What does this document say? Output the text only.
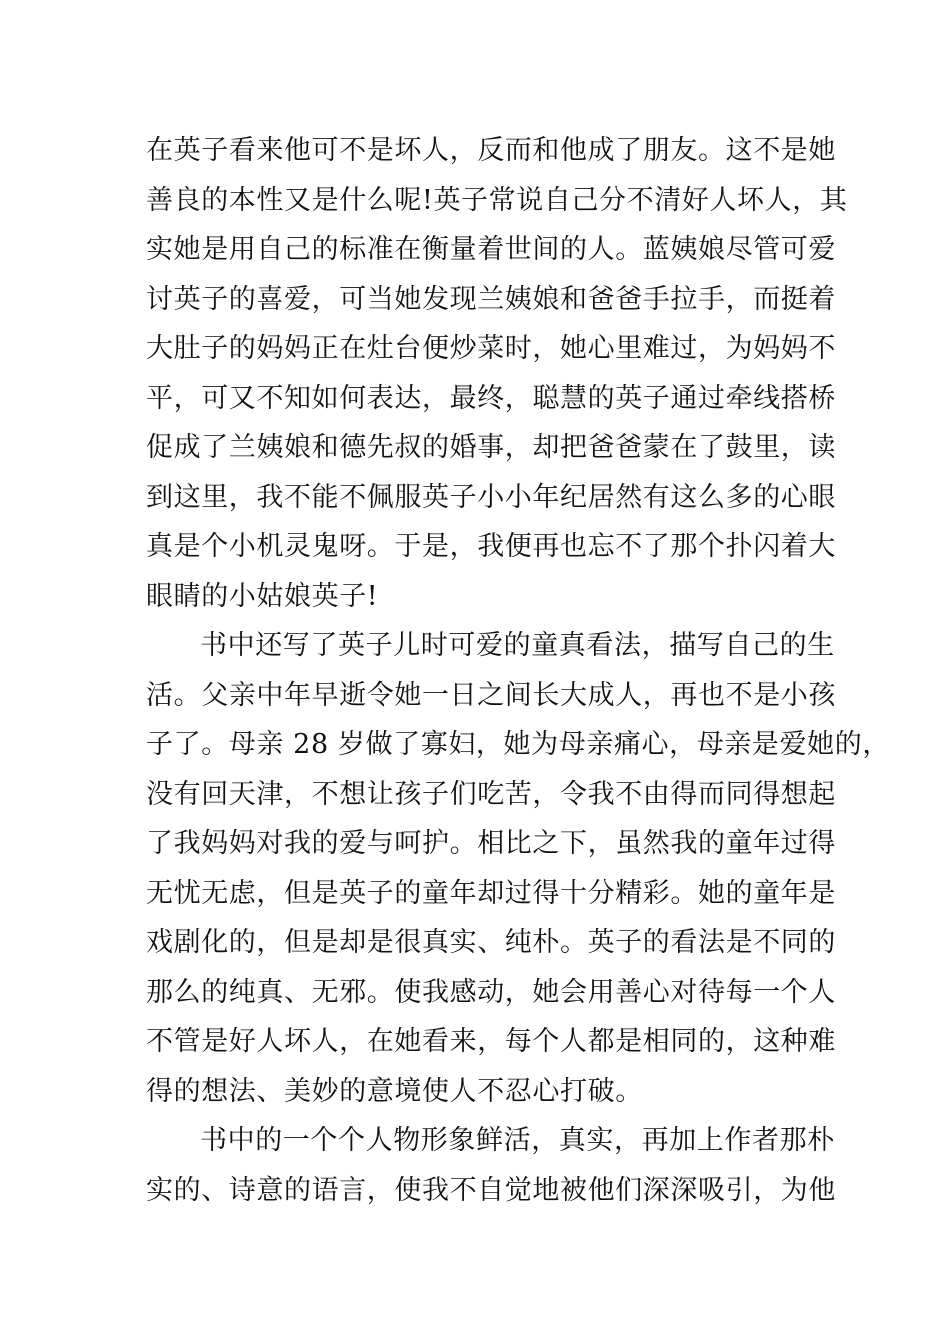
在英子看来他可不是坏人，反而和他成了朋友。这不是她
善良的本性又是什么呢!英子常说自己分不清好人坏人，其
实她是用自己的标准在衡量着世间的人。蓝姨娘尽管可爱
讨英子的喜爱，可当她发现兰姨娘和爸爸手拉手，而挺着
大肚子的妈妈正在灶台便炒菜时，她心里难过，为妈妈不
平，可又不知如何表达，最终，聪慧的英子通过牵线搭桥
促成了兰姨娘和德先叔的婚事，却把爸爸蒙在了鼓里，读
到这里，我不能不佩服英子小小年纪居然有这么多的心眼
真是个小机灵鬼呀。于是，我便再也忘不了那个扑闪着大
眼睛的小姑娘英子!
书中还写了英子儿时可爱的童真看法，描写自己的生
活。父亲中年早逝令她一日之间长大成人，再也不是小孩
子了。母亲 28 岁做了寡妇，她为母亲痛心，母亲是爱她的，
没有回天津，不想让孩子们吃苦，令我不由得而同得想起
了我妈妈对我的爱与呵护。相比之下，虽然我的童年过得
无忧无虑，但是英子的童年却过得十分精彩。她的童年是
戏剧化的，但是却是很真实、纯朴。英子的看法是不同的
那么的纯真、无邪。使我感动，她会用善心对待每一个人
不管是好人坏人，在她看来，每个人都是相同的，这种难
得的想法、美妙的意境使人不忍心打破。
书中的一个个人物形象鲜活，真实，再加上作者那朴
实的、诗意的语言，使我不自觉地被他们深深吸引，为他
